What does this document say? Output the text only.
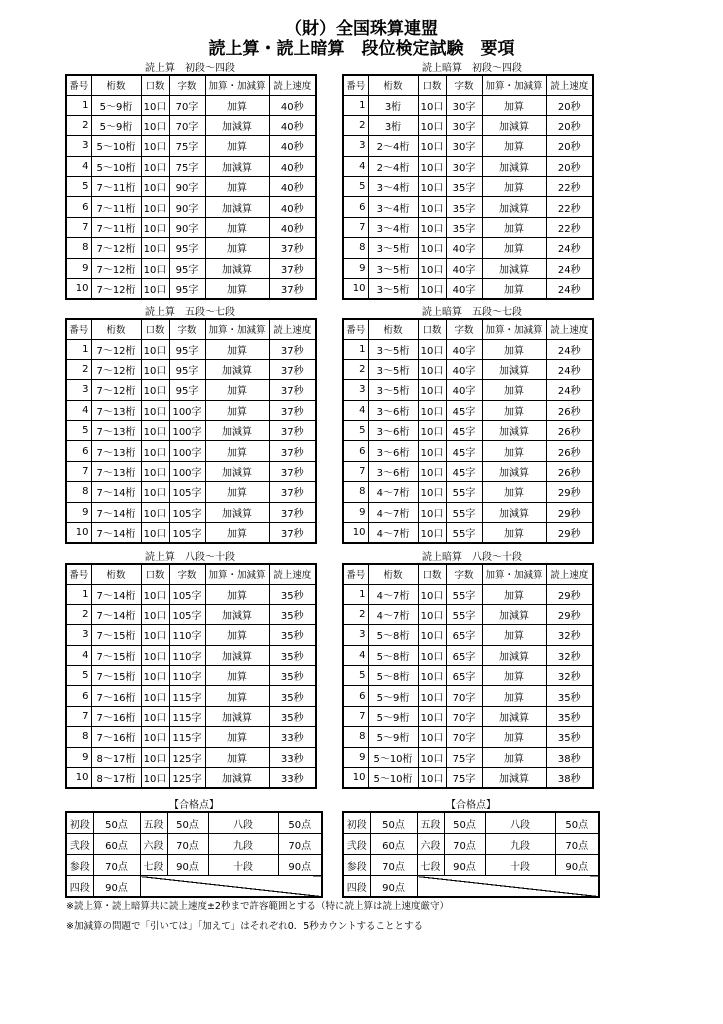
（財）全国珠算連盟
読上算・読上暗算　段位検定試験　要項
読上算　初段～四段
番号	桁数	口数	字数	加算・加減算	読上速度
1	5～9桁	10口	70字	加算	40秒
2	5～9桁	10口	70字	加減算	40秒
3	5～10桁	10口	75字	加算	40秒
4	5～10桁	10口	75字	加減算	40秒
5	7～11桁	10口	90字	加算	40秒
6	7～11桁	10口	90字	加減算	40秒
7	7～11桁	10口	90字	加算	40秒
8	7～12桁	10口	95字	加算	37秒
9	7～12桁	10口	95字	加減算	37秒
10	7～12桁	10口	95字	加算	37秒
読上暗算　初段～四段
番号	桁数	口数	字数	加算・加減算	読上速度
1	3桁	10口	30字	加算	20秒
2	3桁	10口	30字	加減算	20秒
3	2～4桁	10口	30字	加算	20秒
4	2～4桁	10口	30字	加減算	20秒
5	3～4桁	10口	35字	加算	22秒
6	3～4桁	10口	35字	加減算	22秒
7	3～4桁	10口	35字	加算	22秒
8	3～5桁	10口	40字	加算	24秒
9	3～5桁	10口	40字	加減算	24秒
10	3～5桁	10口	40字	加算	24秒
読上算　五段～七段
番号	桁数	口数	字数	加算・加減算	読上速度
1	7～12桁	10口	95字	加算	37秒
2	7～12桁	10口	95字	加減算	37秒
3	7～12桁	10口	95字	加算	37秒
4	7～13桁	10口	100字	加算	37秒
5	7～13桁	10口	100字	加減算	37秒
6	7～13桁	10口	100字	加算	37秒
7	7～13桁	10口	100字	加減算	37秒
8	7～14桁	10口	105字	加算	37秒
9	7～14桁	10口	105字	加減算	37秒
10	7～14桁	10口	105字	加算	37秒
読上暗算　五段～七段
番号	桁数	口数	字数	加算・加減算	読上速度
1	3～5桁	10口	40字	加算	24秒
2	3～5桁	10口	40字	加減算	24秒
3	3～5桁	10口	40字	加算	24秒
4	3～6桁	10口	45字	加算	26秒
5	3～6桁	10口	45字	加減算	26秒
6	3～6桁	10口	45字	加算	26秒
7	3～6桁	10口	45字	加減算	26秒
8	4～7桁	10口	55字	加算	29秒
9	4～7桁	10口	55字	加減算	29秒
10	4～7桁	10口	55字	加算	29秒
読上算　八段～十段
番号	桁数	口数	字数	加算・加減算	読上速度
1	7～14桁	10口	105字	加算	35秒
2	7～14桁	10口	105字	加減算	35秒
3	7～15桁	10口	110字	加算	35秒
4	7～15桁	10口	110字	加減算	35秒
5	7～15桁	10口	110字	加算	35秒
6	7～16桁	10口	115字	加算	35秒
7	7～16桁	10口	115字	加減算	35秒
8	7～16桁	10口	115字	加算	33秒
9	8～17桁	10口	125字	加算	33秒
10	8～17桁	10口	125字	加減算	33秒
読上暗算　八段～十段
番号	桁数	口数	字数	加算・加減算	読上速度
1	4～7桁	10口	55字	加算	29秒
2	4～7桁	10口	55字	加減算	29秒
3	5～8桁	10口	65字	加算	32秒
4	5～8桁	10口	65字	加減算	32秒
5	5～8桁	10口	65字	加算	32秒
6	5～9桁	10口	70字	加算	35秒
7	5～9桁	10口	70字	加減算	35秒
8	5～9桁	10口	70字	加算	35秒
9	5～10桁	10口	75字	加算	38秒
10	5～10桁	10口	75字	加減算	38秒
【合格点】
初段	50点	五段	50点	八段	50点
弐段	60点	六段	70点	九段	70点
参段	70点	七段	90点	十段	90点
四段	90点				
【合格点】
初段	50点	五段	50点	八段	50点
弐段	60点	六段	70点	九段	70点
参段	70点	七段	90点	十段	90点
四段	90点				
※読上算・読上暗算共に読上速度±2秒まで許容範囲とする（特に読上算は読上速度厳守）
※加減算の問題で「引いては」「加えて」はそれぞれ0．5秒カウントすることとする
